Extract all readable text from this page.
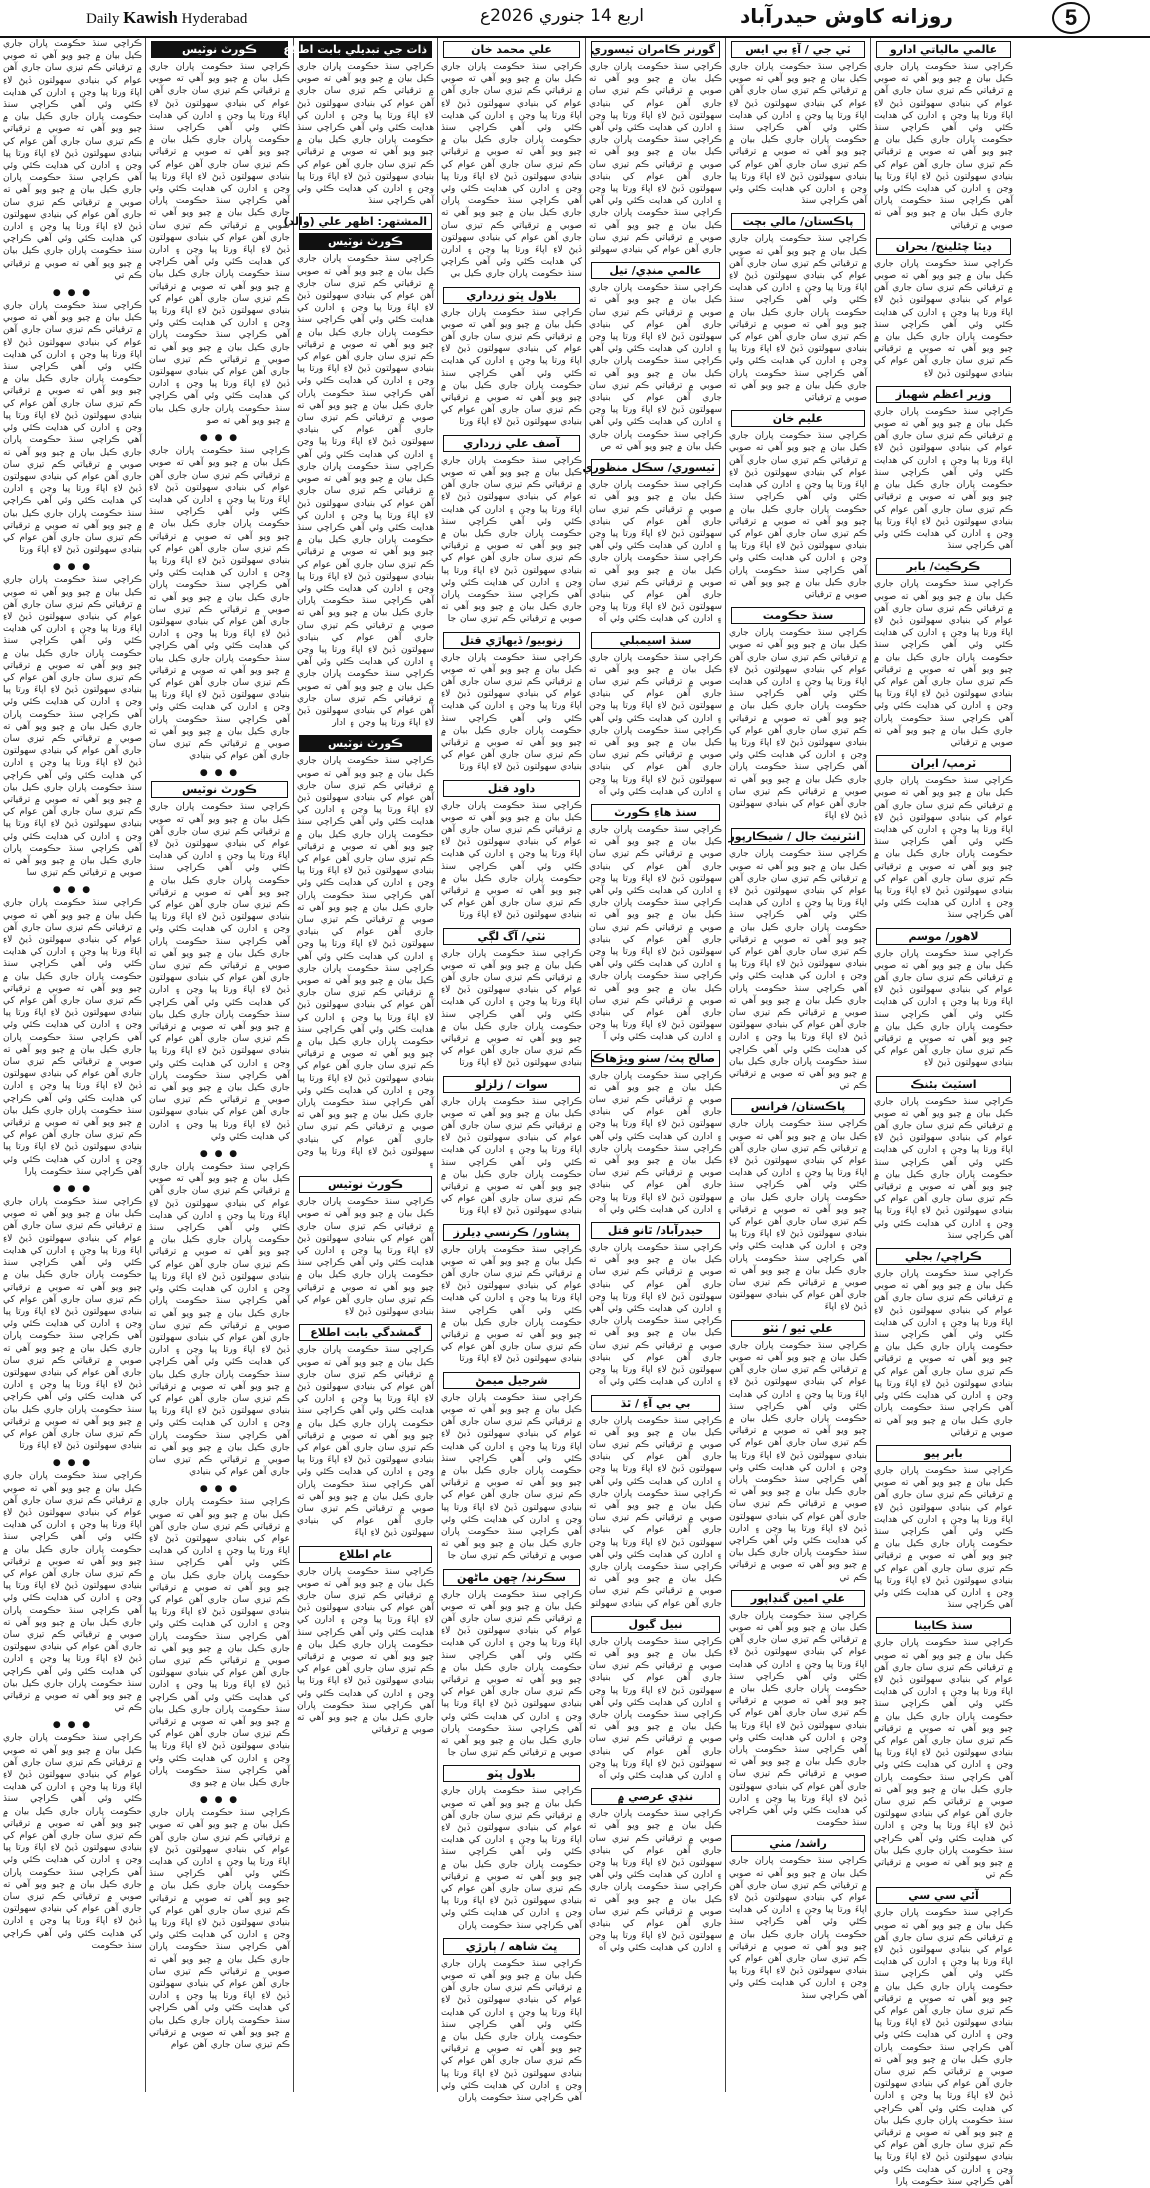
Daily Kawish Hyderabad	اربع 14 جنوري 2026ع	روزانه كاوش حيدرآباد	5
ڪراچي سنڌ حڪومت پاران جاري ڪيل بيان ۾ چيو ويو آهي ته صوبي ۾ ترقياتي ڪم تيزي سان جاري آهن عوام کي بنيادي سهولتون ڏيڻ لاءِ اپاءَ ورتا پيا وڃن ۽ ادارن کي هدايت ڪئي وئي آهي ڪراچي سنڌ حڪومت پاران جاري ڪيل بيان ۾ چيو ويو آهي ته صوبي ۾ ترقياتي ڪم تيزي سان جاري آهن عوام کي بنيادي سهولتون ڏيڻ لاءِ اپاءَ ورتا پيا وڃن ۽ ادارن کي هدايت ڪئي وئي آهي ڪراچي سنڌ حڪومت پاران جاري ڪيل بيان ۾ چيو ويو آهي ته صوبي ۾ ترقياتي ڪم تيزي سان جاري آهن عوام کي بنيادي سهولتون ڏيڻ لاءِ اپاءَ ورتا پيا وڃن ۽ ادارن کي هدايت ڪئي وئي آهي ڪراچي سنڌ حڪومت پاران جاري ڪيل بيان ۾ چيو ويو آهي ته صوبي ۾ ترقياتي ڪم تي
● ● ●
ڪراچي سنڌ حڪومت پاران جاري ڪيل بيان ۾ چيو ويو آهي ته صوبي ۾ ترقياتي ڪم تيزي سان جاري آهن عوام کي بنيادي سهولتون ڏيڻ لاءِ اپاءَ ورتا پيا وڃن ۽ ادارن کي هدايت ڪئي وئي آهي ڪراچي سنڌ حڪومت پاران جاري ڪيل بيان ۾ چيو ويو آهي ته صوبي ۾ ترقياتي ڪم تيزي سان جاري آهن عوام کي بنيادي سهولتون ڏيڻ لاءِ اپاءَ ورتا پيا وڃن ۽ ادارن کي هدايت ڪئي وئي آهي ڪراچي سنڌ حڪومت پاران جاري ڪيل بيان ۾ چيو ويو آهي ته صوبي ۾ ترقياتي ڪم تيزي سان جاري آهن عوام کي بنيادي سهولتون ڏيڻ لاءِ اپاءَ ورتا پيا وڃن ۽ ادارن کي هدايت ڪئي وئي آهي ڪراچي سنڌ حڪومت پاران جاري ڪيل بيان ۾ چيو ويو آهي ته صوبي ۾ ترقياتي ڪم تيزي سان جاري آهن عوام کي بنيادي سهولتون ڏيڻ لاءِ اپاءَ ورتا
● ● ●
ڪراچي سنڌ حڪومت پاران جاري ڪيل بيان ۾ چيو ويو آهي ته صوبي ۾ ترقياتي ڪم تيزي سان جاري آهن عوام کي بنيادي سهولتون ڏيڻ لاءِ اپاءَ ورتا پيا وڃن ۽ ادارن کي هدايت ڪئي وئي آهي ڪراچي سنڌ حڪومت پاران جاري ڪيل بيان ۾ چيو ويو آهي ته صوبي ۾ ترقياتي ڪم تيزي سان جاري آهن عوام کي بنيادي سهولتون ڏيڻ لاءِ اپاءَ ورتا پيا وڃن ۽ ادارن کي هدايت ڪئي وئي آهي ڪراچي سنڌ حڪومت پاران جاري ڪيل بيان ۾ چيو ويو آهي ته صوبي ۾ ترقياتي ڪم تيزي سان جاري آهن عوام کي بنيادي سهولتون ڏيڻ لاءِ اپاءَ ورتا پيا وڃن ۽ ادارن کي هدايت ڪئي وئي آهي ڪراچي سنڌ حڪومت پاران جاري ڪيل بيان ۾ چيو ويو آهي ته صوبي ۾ ترقياتي ڪم تيزي سان جاري آهن عوام کي بنيادي سهولتون ڏيڻ لاءِ اپاءَ ورتا پيا وڃن ۽ ادارن کي هدايت ڪئي وئي آهي ڪراچي سنڌ حڪومت پاران جاري ڪيل بيان ۾ چيو ويو آهي ته صوبي ۾ ترقياتي ڪم تيزي سا
● ● ●
ڪراچي سنڌ حڪومت پاران جاري ڪيل بيان ۾ چيو ويو آهي ته صوبي ۾ ترقياتي ڪم تيزي سان جاري آهن عوام کي بنيادي سهولتون ڏيڻ لاءِ اپاءَ ورتا پيا وڃن ۽ ادارن کي هدايت ڪئي وئي آهي ڪراچي سنڌ حڪومت پاران جاري ڪيل بيان ۾ چيو ويو آهي ته صوبي ۾ ترقياتي ڪم تيزي سان جاري آهن عوام کي بنيادي سهولتون ڏيڻ لاءِ اپاءَ ورتا پيا وڃن ۽ ادارن کي هدايت ڪئي وئي آهي ڪراچي سنڌ حڪومت پاران جاري ڪيل بيان ۾ چيو ويو آهي ته صوبي ۾ ترقياتي ڪم تيزي سان جاري آهن عوام کي بنيادي سهولتون ڏيڻ لاءِ اپاءَ ورتا پيا وڃن ۽ ادارن کي هدايت ڪئي وئي آهي ڪراچي سنڌ حڪومت پاران جاري ڪيل بيان ۾ چيو ويو آهي ته صوبي ۾ ترقياتي ڪم تيزي سان جاري آهن عوام کي بنيادي سهولتون ڏيڻ لاءِ اپاءَ ورتا پيا وڃن ۽ ادارن کي هدايت ڪئي وئي آهي ڪراچي سنڌ حڪومت پارا
● ● ●
ڪراچي سنڌ حڪومت پاران جاري ڪيل بيان ۾ چيو ويو آهي ته صوبي ۾ ترقياتي ڪم تيزي سان جاري آهن عوام کي بنيادي سهولتون ڏيڻ لاءِ اپاءَ ورتا پيا وڃن ۽ ادارن کي هدايت ڪئي وئي آهي ڪراچي سنڌ حڪومت پاران جاري ڪيل بيان ۾ چيو ويو آهي ته صوبي ۾ ترقياتي ڪم تيزي سان جاري آهن عوام کي بنيادي سهولتون ڏيڻ لاءِ اپاءَ ورتا پيا وڃن ۽ ادارن کي هدايت ڪئي وئي آهي ڪراچي سنڌ حڪومت پاران جاري ڪيل بيان ۾ چيو ويو آهي ته صوبي ۾ ترقياتي ڪم تيزي سان جاري آهن عوام کي بنيادي سهولتون ڏيڻ لاءِ اپاءَ ورتا پيا وڃن ۽ ادارن کي هدايت ڪئي وئي آهي ڪراچي سنڌ حڪومت پاران جاري ڪيل بيان ۾ چيو ويو آهي ته صوبي ۾ ترقياتي ڪم تيزي سان جاري آهن عوام کي بنيادي سهولتون ڏيڻ لاءِ اپاءَ ورتا
● ● ●
ڪراچي سنڌ حڪومت پاران جاري ڪيل بيان ۾ چيو ويو آهي ته صوبي ۾ ترقياتي ڪم تيزي سان جاري آهن عوام کي بنيادي سهولتون ڏيڻ لاءِ اپاءَ ورتا پيا وڃن ۽ ادارن کي هدايت ڪئي وئي آهي ڪراچي سنڌ حڪومت پاران جاري ڪيل بيان ۾ چيو ويو آهي ته صوبي ۾ ترقياتي ڪم تيزي سان جاري آهن عوام کي بنيادي سهولتون ڏيڻ لاءِ اپاءَ ورتا پيا وڃن ۽ ادارن کي هدايت ڪئي وئي آهي ڪراچي سنڌ حڪومت پاران جاري ڪيل بيان ۾ چيو ويو آهي ته صوبي ۾ ترقياتي ڪم تيزي سان جاري آهن عوام کي بنيادي سهولتون ڏيڻ لاءِ اپاءَ ورتا پيا وڃن ۽ ادارن کي هدايت ڪئي وئي آهي ڪراچي سنڌ حڪومت پاران جاري ڪيل بيان ۾ چيو ويو آهي ته صوبي ۾ ترقياتي ڪم تي
● ● ●
ڪراچي سنڌ حڪومت پاران جاري ڪيل بيان ۾ چيو ويو آهي ته صوبي ۾ ترقياتي ڪم تيزي سان جاري آهن عوام کي بنيادي سهولتون ڏيڻ لاءِ اپاءَ ورتا پيا وڃن ۽ ادارن کي هدايت ڪئي وئي آهي ڪراچي سنڌ حڪومت پاران جاري ڪيل بيان ۾ چيو ويو آهي ته صوبي ۾ ترقياتي ڪم تيزي سان جاري آهن عوام کي بنيادي سهولتون ڏيڻ لاءِ اپاءَ ورتا پيا وڃن ۽ ادارن کي هدايت ڪئي وئي آهي ڪراچي سنڌ حڪومت پاران جاري ڪيل بيان ۾ چيو ويو آهي ته صوبي ۾ ترقياتي ڪم تيزي سان جاري آهن عوام کي بنيادي سهولتون ڏيڻ لاءِ اپاءَ ورتا پيا وڃن ۽ ادارن کي هدايت ڪئي وئي آهي ڪراچي سنڌ حڪومت
ڪورٽ نوٽيس
ڪراچي سنڌ حڪومت پاران جاري ڪيل بيان ۾ چيو ويو آهي ته صوبي ۾ ترقياتي ڪم تيزي سان جاري آهن عوام کي بنيادي سهولتون ڏيڻ لاءِ اپاءَ ورتا پيا وڃن ۽ ادارن کي هدايت ڪئي وئي آهي ڪراچي سنڌ حڪومت پاران جاري ڪيل بيان ۾ چيو ويو آهي ته صوبي ۾ ترقياتي ڪم تيزي سان جاري آهن عوام کي بنيادي سهولتون ڏيڻ لاءِ اپاءَ ورتا پيا وڃن ۽ ادارن کي هدايت ڪئي وئي آهي ڪراچي سنڌ حڪومت پاران جاري ڪيل بيان ۾ چيو ويو آهي ته صوبي ۾ ترقياتي ڪم تيزي سان جاري آهن عوام کي بنيادي سهولتون ڏيڻ لاءِ اپاءَ ورتا پيا وڃن ۽ ادارن کي هدايت ڪئي وئي آهي ڪراچي سنڌ حڪومت پاران جاري ڪيل بيان ۾ چيو ويو آهي ته صوبي ۾ ترقياتي ڪم تيزي سان جاري آهن عوام کي بنيادي سهولتون ڏيڻ لاءِ اپاءَ ورتا پيا وڃن ۽ ادارن کي هدايت ڪئي وئي آهي ڪراچي سنڌ حڪومت پاران جاري ڪيل بيان ۾ چيو ويو آهي ته صوبي ۾ ترقياتي ڪم تيزي سان جاري آهن عوام کي بنيادي سهولتون ڏيڻ لاءِ اپاءَ ورتا پيا وڃن ۽ ادارن کي هدايت ڪئي وئي آهي ڪراچي سنڌ حڪومت پاران جاري ڪيل بيان ۾ چيو ويو آهي ته صو
● ● ●
ڪراچي سنڌ حڪومت پاران جاري ڪيل بيان ۾ چيو ويو آهي ته صوبي ۾ ترقياتي ڪم تيزي سان جاري آهن عوام کي بنيادي سهولتون ڏيڻ لاءِ اپاءَ ورتا پيا وڃن ۽ ادارن کي هدايت ڪئي وئي آهي ڪراچي سنڌ حڪومت پاران جاري ڪيل بيان ۾ چيو ويو آهي ته صوبي ۾ ترقياتي ڪم تيزي سان جاري آهن عوام کي بنيادي سهولتون ڏيڻ لاءِ اپاءَ ورتا پيا وڃن ۽ ادارن کي هدايت ڪئي وئي آهي ڪراچي سنڌ حڪومت پاران جاري ڪيل بيان ۾ چيو ويو آهي ته صوبي ۾ ترقياتي ڪم تيزي سان جاري آهن عوام کي بنيادي سهولتون ڏيڻ لاءِ اپاءَ ورتا پيا وڃن ۽ ادارن کي هدايت ڪئي وئي آهي ڪراچي سنڌ حڪومت پاران جاري ڪيل بيان ۾ چيو ويو آهي ته صوبي ۾ ترقياتي ڪم تيزي سان جاري آهن عوام کي بنيادي سهولتون ڏيڻ لاءِ اپاءَ ورتا پيا وڃن ۽ ادارن کي هدايت ڪئي وئي آهي ڪراچي سنڌ حڪومت پاران جاري ڪيل بيان ۾ چيو ويو آهي ته صوبي ۾ ترقياتي ڪم تيزي سان جاري آهن عوام کي بنيادي
● ● ●
ڪورٽ نوٽيس
ڪراچي سنڌ حڪومت پاران جاري ڪيل بيان ۾ چيو ويو آهي ته صوبي ۾ ترقياتي ڪم تيزي سان جاري آهن عوام کي بنيادي سهولتون ڏيڻ لاءِ اپاءَ ورتا پيا وڃن ۽ ادارن کي هدايت ڪئي وئي آهي ڪراچي سنڌ حڪومت پاران جاري ڪيل بيان ۾ چيو ويو آهي ته صوبي ۾ ترقياتي ڪم تيزي سان جاري آهن عوام کي بنيادي سهولتون ڏيڻ لاءِ اپاءَ ورتا پيا وڃن ۽ ادارن کي هدايت ڪئي وئي آهي ڪراچي سنڌ حڪومت پاران جاري ڪيل بيان ۾ چيو ويو آهي ته صوبي ۾ ترقياتي ڪم تيزي سان جاري آهن عوام کي بنيادي سهولتون ڏيڻ لاءِ اپاءَ ورتا پيا وڃن ۽ ادارن کي هدايت ڪئي وئي آهي ڪراچي سنڌ حڪومت پاران جاري ڪيل بيان ۾ چيو ويو آهي ته صوبي ۾ ترقياتي ڪم تيزي سان جاري آهن عوام کي بنيادي سهولتون ڏيڻ لاءِ اپاءَ ورتا پيا وڃن ۽ ادارن کي هدايت ڪئي وئي آهي ڪراچي سنڌ حڪومت پاران جاري ڪيل بيان ۾ چيو ويو آهي ته صوبي ۾ ترقياتي ڪم تيزي سان جاري آهن عوام کي بنيادي سهولتون ڏيڻ لاءِ اپاءَ ورتا پيا وڃن ۽ ادارن کي هدايت ڪئي وئي
● ● ●
ڪراچي سنڌ حڪومت پاران جاري ڪيل بيان ۾ چيو ويو آهي ته صوبي ۾ ترقياتي ڪم تيزي سان جاري آهن عوام کي بنيادي سهولتون ڏيڻ لاءِ اپاءَ ورتا پيا وڃن ۽ ادارن کي هدايت ڪئي وئي آهي ڪراچي سنڌ حڪومت پاران جاري ڪيل بيان ۾ چيو ويو آهي ته صوبي ۾ ترقياتي ڪم تيزي سان جاري آهن عوام کي بنيادي سهولتون ڏيڻ لاءِ اپاءَ ورتا پيا وڃن ۽ ادارن کي هدايت ڪئي وئي آهي ڪراچي سنڌ حڪومت پاران جاري ڪيل بيان ۾ چيو ويو آهي ته صوبي ۾ ترقياتي ڪم تيزي سان جاري آهن عوام کي بنيادي سهولتون ڏيڻ لاءِ اپاءَ ورتا پيا وڃن ۽ ادارن کي هدايت ڪئي وئي آهي ڪراچي سنڌ حڪومت پاران جاري ڪيل بيان ۾ چيو ويو آهي ته صوبي ۾ ترقياتي ڪم تيزي سان جاري آهن عوام کي بنيادي سهولتون ڏيڻ لاءِ اپاءَ ورتا پيا وڃن ۽ ادارن کي هدايت ڪئي وئي آهي ڪراچي سنڌ حڪومت پاران جاري ڪيل بيان ۾ چيو ويو آهي ته صوبي ۾ ترقياتي ڪم تيزي سان جاري آهن عوام کي بنيادي
● ● ●
ڪراچي سنڌ حڪومت پاران جاري ڪيل بيان ۾ چيو ويو آهي ته صوبي ۾ ترقياتي ڪم تيزي سان جاري آهن عوام کي بنيادي سهولتون ڏيڻ لاءِ اپاءَ ورتا پيا وڃن ۽ ادارن کي هدايت ڪئي وئي آهي ڪراچي سنڌ حڪومت پاران جاري ڪيل بيان ۾ چيو ويو آهي ته صوبي ۾ ترقياتي ڪم تيزي سان جاري آهن عوام کي بنيادي سهولتون ڏيڻ لاءِ اپاءَ ورتا پيا وڃن ۽ ادارن کي هدايت ڪئي وئي آهي ڪراچي سنڌ حڪومت پاران جاري ڪيل بيان ۾ چيو ويو آهي ته صوبي ۾ ترقياتي ڪم تيزي سان جاري آهن عوام کي بنيادي سهولتون ڏيڻ لاءِ اپاءَ ورتا پيا وڃن ۽ ادارن کي هدايت ڪئي وئي آهي ڪراچي سنڌ حڪومت پاران جاري ڪيل بيان ۾ چيو ويو آهي ته صوبي ۾ ترقياتي ڪم تيزي سان جاري آهن عوام کي بنيادي سهولتون ڏيڻ لاءِ اپاءَ ورتا پيا وڃن ۽ ادارن کي هدايت ڪئي وئي آهي ڪراچي سنڌ حڪومت پاران جاري ڪيل بيان ۾ چيو وي
● ● ●
ڪراچي سنڌ حڪومت پاران جاري ڪيل بيان ۾ چيو ويو آهي ته صوبي ۾ ترقياتي ڪم تيزي سان جاري آهن عوام کي بنيادي سهولتون ڏيڻ لاءِ اپاءَ ورتا پيا وڃن ۽ ادارن کي هدايت ڪئي وئي آهي ڪراچي سنڌ حڪومت پاران جاري ڪيل بيان ۾ چيو ويو آهي ته صوبي ۾ ترقياتي ڪم تيزي سان جاري آهن عوام کي بنيادي سهولتون ڏيڻ لاءِ اپاءَ ورتا پيا وڃن ۽ ادارن کي هدايت ڪئي وئي آهي ڪراچي سنڌ حڪومت پاران جاري ڪيل بيان ۾ چيو ويو آهي ته صوبي ۾ ترقياتي ڪم تيزي سان جاري آهن عوام کي بنيادي سهولتون ڏيڻ لاءِ اپاءَ ورتا پيا وڃن ۽ ادارن کي هدايت ڪئي وئي آهي ڪراچي سنڌ حڪومت پاران جاري ڪيل بيان ۾ چيو ويو آهي ته صوبي ۾ ترقياتي ڪم تيزي سان جاري آهن عوام
ذات جي تبديلي بابت اطلاع
ڪراچي سنڌ حڪومت پاران جاري ڪيل بيان ۾ چيو ويو آهي ته صوبي ۾ ترقياتي ڪم تيزي سان جاري آهن عوام کي بنيادي سهولتون ڏيڻ لاءِ اپاءَ ورتا پيا وڃن ۽ ادارن کي هدايت ڪئي وئي آهي ڪراچي سنڌ حڪومت پاران جاري ڪيل بيان ۾ چيو ويو آهي ته صوبي ۾ ترقياتي ڪم تيزي سان جاري آهن عوام کي بنيادي سهولتون ڏيڻ لاءِ اپاءَ ورتا پيا وڃن ۽ ادارن کي هدايت ڪئي وئي آهي ڪراچي سنڌ
المشتهر: اظهر علي (والد)
ڪورٽ نوٽيس
ڪراچي سنڌ حڪومت پاران جاري ڪيل بيان ۾ چيو ويو آهي ته صوبي ۾ ترقياتي ڪم تيزي سان جاري آهن عوام کي بنيادي سهولتون ڏيڻ لاءِ اپاءَ ورتا پيا وڃن ۽ ادارن کي هدايت ڪئي وئي آهي ڪراچي سنڌ حڪومت پاران جاري ڪيل بيان ۾ چيو ويو آهي ته صوبي ۾ ترقياتي ڪم تيزي سان جاري آهن عوام کي بنيادي سهولتون ڏيڻ لاءِ اپاءَ ورتا پيا وڃن ۽ ادارن کي هدايت ڪئي وئي آهي ڪراچي سنڌ حڪومت پاران جاري ڪيل بيان ۾ چيو ويو آهي ته صوبي ۾ ترقياتي ڪم تيزي سان جاري آهن عوام کي بنيادي سهولتون ڏيڻ لاءِ اپاءَ ورتا پيا وڃن ۽ ادارن کي هدايت ڪئي وئي آهي ڪراچي سنڌ حڪومت پاران جاري ڪيل بيان ۾ چيو ويو آهي ته صوبي ۾ ترقياتي ڪم تيزي سان جاري آهن عوام کي بنيادي سهولتون ڏيڻ لاءِ اپاءَ ورتا پيا وڃن ۽ ادارن کي هدايت ڪئي وئي آهي ڪراچي سنڌ حڪومت پاران جاري ڪيل بيان ۾ چيو ويو آهي ته صوبي ۾ ترقياتي ڪم تيزي سان جاري آهن عوام کي بنيادي سهولتون ڏيڻ لاءِ اپاءَ ورتا پيا وڃن ۽ ادارن کي هدايت ڪئي وئي آهي ڪراچي سنڌ حڪومت پاران جاري ڪيل بيان ۾ چيو ويو آهي ته صوبي ۾ ترقياتي ڪم تيزي سان جاري آهن عوام کي بنيادي سهولتون ڏيڻ لاءِ اپاءَ ورتا پيا وڃن ۽ ادارن کي هدايت ڪئي وئي آهي ڪراچي سنڌ حڪومت پاران جاري ڪيل بيان ۾ چيو ويو آهي ته صوبي ۾ ترقياتي ڪم تيزي سان جاري آهن عوام کي بنيادي سهولتون ڏيڻ لاءِ اپاءَ ورتا پيا وڃن ۽ ادار
ڪورٽ نوٽيس
ڪراچي سنڌ حڪومت پاران جاري ڪيل بيان ۾ چيو ويو آهي ته صوبي ۾ ترقياتي ڪم تيزي سان جاري آهن عوام کي بنيادي سهولتون ڏيڻ لاءِ اپاءَ ورتا پيا وڃن ۽ ادارن کي هدايت ڪئي وئي آهي ڪراچي سنڌ حڪومت پاران جاري ڪيل بيان ۾ چيو ويو آهي ته صوبي ۾ ترقياتي ڪم تيزي سان جاري آهن عوام کي بنيادي سهولتون ڏيڻ لاءِ اپاءَ ورتا پيا وڃن ۽ ادارن کي هدايت ڪئي وئي آهي ڪراچي سنڌ حڪومت پاران جاري ڪيل بيان ۾ چيو ويو آهي ته صوبي ۾ ترقياتي ڪم تيزي سان جاري آهن عوام کي بنيادي سهولتون ڏيڻ لاءِ اپاءَ ورتا پيا وڃن ۽ ادارن کي هدايت ڪئي وئي آهي ڪراچي سنڌ حڪومت پاران جاري ڪيل بيان ۾ چيو ويو آهي ته صوبي ۾ ترقياتي ڪم تيزي سان جاري آهن عوام کي بنيادي سهولتون ڏيڻ لاءِ اپاءَ ورتا پيا وڃن ۽ ادارن کي هدايت ڪئي وئي آهي ڪراچي سنڌ حڪومت پاران جاري ڪيل بيان ۾ چيو ويو آهي ته صوبي ۾ ترقياتي ڪم تيزي سان جاري آهن عوام کي بنيادي سهولتون ڏيڻ لاءِ اپاءَ ورتا پيا وڃن ۽ ادارن کي هدايت ڪئي وئي آهي ڪراچي سنڌ حڪومت پاران جاري ڪيل بيان ۾ چيو ويو آهي ته صوبي ۾ ترقياتي ڪم تيزي سان جاري آهن عوام کي بنيادي سهولتون ڏيڻ لاءِ اپاءَ ورتا پيا وڃن ۽
ڪورٽ نوٽيس
ڪراچي سنڌ حڪومت پاران جاري ڪيل بيان ۾ چيو ويو آهي ته صوبي ۾ ترقياتي ڪم تيزي سان جاري آهن عوام کي بنيادي سهولتون ڏيڻ لاءِ اپاءَ ورتا پيا وڃن ۽ ادارن کي هدايت ڪئي وئي آهي ڪراچي سنڌ حڪومت پاران جاري ڪيل بيان ۾ چيو ويو آهي ته صوبي ۾ ترقياتي ڪم تيزي سان جاري آهن عوام کي بنيادي سهولتون ڏيڻ لاءِ
گمشدگي بابت اطلاع
ڪراچي سنڌ حڪومت پاران جاري ڪيل بيان ۾ چيو ويو آهي ته صوبي ۾ ترقياتي ڪم تيزي سان جاري آهن عوام کي بنيادي سهولتون ڏيڻ لاءِ اپاءَ ورتا پيا وڃن ۽ ادارن کي هدايت ڪئي وئي آهي ڪراچي سنڌ حڪومت پاران جاري ڪيل بيان ۾ چيو ويو آهي ته صوبي ۾ ترقياتي ڪم تيزي سان جاري آهن عوام کي بنيادي سهولتون ڏيڻ لاءِ اپاءَ ورتا پيا وڃن ۽ ادارن کي هدايت ڪئي وئي آهي ڪراچي سنڌ حڪومت پاران جاري ڪيل بيان ۾ چيو ويو آهي ته صوبي ۾ ترقياتي ڪم تيزي سان جاري آهن عوام کي بنيادي سهولتون ڏيڻ لاءِ اپاءَ
عام اطلاع
ڪراچي سنڌ حڪومت پاران جاري ڪيل بيان ۾ چيو ويو آهي ته صوبي ۾ ترقياتي ڪم تيزي سان جاري آهن عوام کي بنيادي سهولتون ڏيڻ لاءِ اپاءَ ورتا پيا وڃن ۽ ادارن کي هدايت ڪئي وئي آهي ڪراچي سنڌ حڪومت پاران جاري ڪيل بيان ۾ چيو ويو آهي ته صوبي ۾ ترقياتي ڪم تيزي سان جاري آهن عوام کي بنيادي سهولتون ڏيڻ لاءِ اپاءَ ورتا پيا وڃن ۽ ادارن کي هدايت ڪئي وئي آهي ڪراچي سنڌ حڪومت پاران جاري ڪيل بيان ۾ چيو ويو آهي ته صوبي ۾ ترقياتي
علي محمد خان
ڪراچي سنڌ حڪومت پاران جاري ڪيل بيان ۾ چيو ويو آهي ته صوبي ۾ ترقياتي ڪم تيزي سان جاري آهن عوام کي بنيادي سهولتون ڏيڻ لاءِ اپاءَ ورتا پيا وڃن ۽ ادارن کي هدايت ڪئي وئي آهي ڪراچي سنڌ حڪومت پاران جاري ڪيل بيان ۾ چيو ويو آهي ته صوبي ۾ ترقياتي ڪم تيزي سان جاري آهن عوام کي بنيادي سهولتون ڏيڻ لاءِ اپاءَ ورتا پيا وڃن ۽ ادارن کي هدايت ڪئي وئي آهي ڪراچي سنڌ حڪومت پاران جاري ڪيل بيان ۾ چيو ويو آهي ته صوبي ۾ ترقياتي ڪم تيزي سان جاري آهن عوام کي بنيادي سهولتون ڏيڻ لاءِ اپاءَ ورتا پيا وڃن ۽ ادارن کي هدايت ڪئي وئي آهي ڪراچي سنڌ حڪومت پاران جاري ڪيل بي
بلاول ڀٽو زرداري
ڪراچي سنڌ حڪومت پاران جاري ڪيل بيان ۾ چيو ويو آهي ته صوبي ۾ ترقياتي ڪم تيزي سان جاري آهن عوام کي بنيادي سهولتون ڏيڻ لاءِ اپاءَ ورتا پيا وڃن ۽ ادارن کي هدايت ڪئي وئي آهي ڪراچي سنڌ حڪومت پاران جاري ڪيل بيان ۾ چيو ويو آهي ته صوبي ۾ ترقياتي ڪم تيزي سان جاري آهن عوام کي بنيادي سهولتون ڏيڻ لاءِ اپاءَ ورتا
آصف علي زرداري
ڪراچي سنڌ حڪومت پاران جاري ڪيل بيان ۾ چيو ويو آهي ته صوبي ۾ ترقياتي ڪم تيزي سان جاري آهن عوام کي بنيادي سهولتون ڏيڻ لاءِ اپاءَ ورتا پيا وڃن ۽ ادارن کي هدايت ڪئي وئي آهي ڪراچي سنڌ حڪومت پاران جاري ڪيل بيان ۾ چيو ويو آهي ته صوبي ۾ ترقياتي ڪم تيزي سان جاري آهن عوام کي بنيادي سهولتون ڏيڻ لاءِ اپاءَ ورتا پيا وڃن ۽ ادارن کي هدايت ڪئي وئي آهي ڪراچي سنڌ حڪومت پاران جاري ڪيل بيان ۾ چيو ويو آهي ته صوبي ۾ ترقياتي ڪم تيزي سان جا
زنوبيو/ ڏيهاڙي قتل
ڪراچي سنڌ حڪومت پاران جاري ڪيل بيان ۾ چيو ويو آهي ته صوبي ۾ ترقياتي ڪم تيزي سان جاري آهن عوام کي بنيادي سهولتون ڏيڻ لاءِ اپاءَ ورتا پيا وڃن ۽ ادارن کي هدايت ڪئي وئي آهي ڪراچي سنڌ حڪومت پاران جاري ڪيل بيان ۾ چيو ويو آهي ته صوبي ۾ ترقياتي ڪم تيزي سان جاري آهن عوام کي بنيادي سهولتون ڏيڻ لاءِ اپاءَ ورتا
داود قتل
ڪراچي سنڌ حڪومت پاران جاري ڪيل بيان ۾ چيو ويو آهي ته صوبي ۾ ترقياتي ڪم تيزي سان جاري آهن عوام کي بنيادي سهولتون ڏيڻ لاءِ اپاءَ ورتا پيا وڃن ۽ ادارن کي هدايت ڪئي وئي آهي ڪراچي سنڌ حڪومت پاران جاري ڪيل بيان ۾ چيو ويو آهي ته صوبي ۾ ترقياتي ڪم تيزي سان جاري آهن عوام کي بنيادي سهولتون ڏيڻ لاءِ اپاءَ ورتا
ٺٽي/ آگ لڳي
ڪراچي سنڌ حڪومت پاران جاري ڪيل بيان ۾ چيو ويو آهي ته صوبي ۾ ترقياتي ڪم تيزي سان جاري آهن عوام کي بنيادي سهولتون ڏيڻ لاءِ اپاءَ ورتا پيا وڃن ۽ ادارن کي هدايت ڪئي وئي آهي ڪراچي سنڌ حڪومت پاران جاري ڪيل بيان ۾ چيو ويو آهي ته صوبي ۾ ترقياتي ڪم تيزي سان جاري آهن عوام کي بنيادي سهولتون ڏيڻ لاءِ اپاءَ ورتا
سوات / زلزلو
ڪراچي سنڌ حڪومت پاران جاري ڪيل بيان ۾ چيو ويو آهي ته صوبي ۾ ترقياتي ڪم تيزي سان جاري آهن عوام کي بنيادي سهولتون ڏيڻ لاءِ اپاءَ ورتا پيا وڃن ۽ ادارن کي هدايت ڪئي وئي آهي ڪراچي سنڌ حڪومت پاران جاري ڪيل بيان ۾ چيو ويو آهي ته صوبي ۾ ترقياتي ڪم تيزي سان جاري آهن عوام کي بنيادي سهولتون ڏيڻ لاءِ اپاءَ ورتا
پشاور/ ڪرنسي ڊيلرز
ڪراچي سنڌ حڪومت پاران جاري ڪيل بيان ۾ چيو ويو آهي ته صوبي ۾ ترقياتي ڪم تيزي سان جاري آهن عوام کي بنيادي سهولتون ڏيڻ لاءِ اپاءَ ورتا پيا وڃن ۽ ادارن کي هدايت ڪئي وئي آهي ڪراچي سنڌ حڪومت پاران جاري ڪيل بيان ۾ چيو ويو آهي ته صوبي ۾ ترقياتي ڪم تيزي سان جاري آهن عوام کي بنيادي سهولتون ڏيڻ لاءِ اپاءَ ورتا
شرجيل ميمڻ
ڪراچي سنڌ حڪومت پاران جاري ڪيل بيان ۾ چيو ويو آهي ته صوبي ۾ ترقياتي ڪم تيزي سان جاري آهن عوام کي بنيادي سهولتون ڏيڻ لاءِ اپاءَ ورتا پيا وڃن ۽ ادارن کي هدايت ڪئي وئي آهي ڪراچي سنڌ حڪومت پاران جاري ڪيل بيان ۾ چيو ويو آهي ته صوبي ۾ ترقياتي ڪم تيزي سان جاري آهن عوام کي بنيادي سهولتون ڏيڻ لاءِ اپاءَ ورتا پيا وڃن ۽ ادارن کي هدايت ڪئي وئي آهي ڪراچي سنڌ حڪومت پاران جاري ڪيل بيان ۾ چيو ويو آهي ته صوبي ۾ ترقياتي ڪم تيزي سان جا
سڪرنڊ/ ڇهن ماڻهن
ڪراچي سنڌ حڪومت پاران جاري ڪيل بيان ۾ چيو ويو آهي ته صوبي ۾ ترقياتي ڪم تيزي سان جاري آهن عوام کي بنيادي سهولتون ڏيڻ لاءِ اپاءَ ورتا پيا وڃن ۽ ادارن کي هدايت ڪئي وئي آهي ڪراچي سنڌ حڪومت پاران جاري ڪيل بيان ۾ چيو ويو آهي ته صوبي ۾ ترقياتي ڪم تيزي سان جاري آهن عوام کي بنيادي سهولتون ڏيڻ لاءِ اپاءَ ورتا پيا وڃن ۽ ادارن کي هدايت ڪئي وئي آهي ڪراچي سنڌ حڪومت پاران جاري ڪيل بيان ۾ چيو ويو آهي ته صوبي ۾ ترقياتي ڪم تيزي سان جا
بلاول ڀٽو
ڪراچي سنڌ حڪومت پاران جاري ڪيل بيان ۾ چيو ويو آهي ته صوبي ۾ ترقياتي ڪم تيزي سان جاري آهن عوام کي بنيادي سهولتون ڏيڻ لاءِ اپاءَ ورتا پيا وڃن ۽ ادارن کي هدايت ڪئي وئي آهي ڪراچي سنڌ حڪومت پاران جاري ڪيل بيان ۾ چيو ويو آهي ته صوبي ۾ ترقياتي ڪم تيزي سان جاري آهن عوام کي بنيادي سهولتون ڏيڻ لاءِ اپاءَ ورتا پيا وڃن ۽ ادارن کي هدايت ڪئي وئي آهي ڪراچي سنڌ حڪومت پاران
ڀٽ شاهه / ٻارڙي
ڪراچي سنڌ حڪومت پاران جاري ڪيل بيان ۾ چيو ويو آهي ته صوبي ۾ ترقياتي ڪم تيزي سان جاري آهن عوام کي بنيادي سهولتون ڏيڻ لاءِ اپاءَ ورتا پيا وڃن ۽ ادارن کي هدايت ڪئي وئي آهي ڪراچي سنڌ حڪومت پاران جاري ڪيل بيان ۾ چيو ويو آهي ته صوبي ۾ ترقياتي ڪم تيزي سان جاري آهن عوام کي بنيادي سهولتون ڏيڻ لاءِ اپاءَ ورتا پيا وڃن ۽ ادارن کي هدايت ڪئي وئي آهي ڪراچي سنڌ حڪومت پاران
گورنر ڪامران ٽيسوري
ڪراچي سنڌ حڪومت پاران جاري ڪيل بيان ۾ چيو ويو آهي ته صوبي ۾ ترقياتي ڪم تيزي سان جاري آهن عوام کي بنيادي سهولتون ڏيڻ لاءِ اپاءَ ورتا پيا وڃن ۽ ادارن کي هدايت ڪئي وئي آهي ڪراچي سنڌ حڪومت پاران جاري ڪيل بيان ۾ چيو ويو آهي ته صوبي ۾ ترقياتي ڪم تيزي سان جاري آهن عوام کي بنيادي سهولتون ڏيڻ لاءِ اپاءَ ورتا پيا وڃن ۽ ادارن کي هدايت ڪئي وئي آهي ڪراچي سنڌ حڪومت پاران جاري ڪيل بيان ۾ چيو ويو آهي ته صوبي ۾ ترقياتي ڪم تيزي سان جاري آهن عوام کي بنيادي سهولتو
عالمي منڊي/ تيل
ڪراچي سنڌ حڪومت پاران جاري ڪيل بيان ۾ چيو ويو آهي ته صوبي ۾ ترقياتي ڪم تيزي سان جاري آهن عوام کي بنيادي سهولتون ڏيڻ لاءِ اپاءَ ورتا پيا وڃن ۽ ادارن کي هدايت ڪئي وئي آهي ڪراچي سنڌ حڪومت پاران جاري ڪيل بيان ۾ چيو ويو آهي ته صوبي ۾ ترقياتي ڪم تيزي سان جاري آهن عوام کي بنيادي سهولتون ڏيڻ لاءِ اپاءَ ورتا پيا وڃن ۽ ادارن کي هدايت ڪئي وئي آهي ڪراچي سنڌ حڪومت پاران جاري ڪيل بيان ۾ چيو ويو آهي ته ص
ٽيسوري/ سڪل منظوري
ڪراچي سنڌ حڪومت پاران جاري ڪيل بيان ۾ چيو ويو آهي ته صوبي ۾ ترقياتي ڪم تيزي سان جاري آهن عوام کي بنيادي سهولتون ڏيڻ لاءِ اپاءَ ورتا پيا وڃن ۽ ادارن کي هدايت ڪئي وئي آهي ڪراچي سنڌ حڪومت پاران جاري ڪيل بيان ۾ چيو ويو آهي ته صوبي ۾ ترقياتي ڪم تيزي سان جاري آهن عوام کي بنيادي سهولتون ڏيڻ لاءِ اپاءَ ورتا پيا وڃن ۽ ادارن کي هدايت ڪئي وئي آه
سنڌ اسيمبلي
ڪراچي سنڌ حڪومت پاران جاري ڪيل بيان ۾ چيو ويو آهي ته صوبي ۾ ترقياتي ڪم تيزي سان جاري آهن عوام کي بنيادي سهولتون ڏيڻ لاءِ اپاءَ ورتا پيا وڃن ۽ ادارن کي هدايت ڪئي وئي آهي ڪراچي سنڌ حڪومت پاران جاري ڪيل بيان ۾ چيو ويو آهي ته صوبي ۾ ترقياتي ڪم تيزي سان جاري آهن عوام کي بنيادي سهولتون ڏيڻ لاءِ اپاءَ ورتا پيا وڃن ۽ ادارن کي هدايت ڪئي وئي آه
سنڌ هاءِ ڪورٽ
ڪراچي سنڌ حڪومت پاران جاري ڪيل بيان ۾ چيو ويو آهي ته صوبي ۾ ترقياتي ڪم تيزي سان جاري آهن عوام کي بنيادي سهولتون ڏيڻ لاءِ اپاءَ ورتا پيا وڃن ۽ ادارن کي هدايت ڪئي وئي آهي ڪراچي سنڌ حڪومت پاران جاري ڪيل بيان ۾ چيو ويو آهي ته صوبي ۾ ترقياتي ڪم تيزي سان جاري آهن عوام کي بنيادي سهولتون ڏيڻ لاءِ اپاءَ ورتا پيا وڃن ۽ ادارن کي هدايت ڪئي وئي آهي ڪراچي سنڌ حڪومت پاران جاري ڪيل بيان ۾ چيو ويو آهي ته صوبي ۾ ترقياتي ڪم تيزي سان جاري آهن عوام کي بنيادي سهولتون ڏيڻ لاءِ اپاءَ ورتا پيا وڃن ۽ ادارن کي هدايت ڪئي وئي آ
صالح پٽ/ سٺو ويڙهاڪ
ڪراچي سنڌ حڪومت پاران جاري ڪيل بيان ۾ چيو ويو آهي ته صوبي ۾ ترقياتي ڪم تيزي سان جاري آهن عوام کي بنيادي سهولتون ڏيڻ لاءِ اپاءَ ورتا پيا وڃن ۽ ادارن کي هدايت ڪئي وئي آهي ڪراچي سنڌ حڪومت پاران جاري ڪيل بيان ۾ چيو ويو آهي ته صوبي ۾ ترقياتي ڪم تيزي سان جاري آهن عوام کي بنيادي سهولتون ڏيڻ لاءِ اپاءَ ورتا پيا وڃن ۽ ادارن کي هدايت ڪئي وئي آه
حيدرآباد/ ٿانو قتل
ڪراچي سنڌ حڪومت پاران جاري ڪيل بيان ۾ چيو ويو آهي ته صوبي ۾ ترقياتي ڪم تيزي سان جاري آهن عوام کي بنيادي سهولتون ڏيڻ لاءِ اپاءَ ورتا پيا وڃن ۽ ادارن کي هدايت ڪئي وئي آهي ڪراچي سنڌ حڪومت پاران جاري ڪيل بيان ۾ چيو ويو آهي ته صوبي ۾ ترقياتي ڪم تيزي سان جاري آهن عوام کي بنيادي سهولتون ڏيڻ لاءِ اپاءَ ورتا پيا وڃن ۽ ادارن کي هدايت ڪئي وئي آه
بي بي آءِ / ٿڌ
ڪراچي سنڌ حڪومت پاران جاري ڪيل بيان ۾ چيو ويو آهي ته صوبي ۾ ترقياتي ڪم تيزي سان جاري آهن عوام کي بنيادي سهولتون ڏيڻ لاءِ اپاءَ ورتا پيا وڃن ۽ ادارن کي هدايت ڪئي وئي آهي ڪراچي سنڌ حڪومت پاران جاري ڪيل بيان ۾ چيو ويو آهي ته صوبي ۾ ترقياتي ڪم تيزي سان جاري آهن عوام کي بنيادي سهولتون ڏيڻ لاءِ اپاءَ ورتا پيا وڃن ۽ ادارن کي هدايت ڪئي وئي آهي ڪراچي سنڌ حڪومت پاران جاري ڪيل بيان ۾ چيو ويو آهي ته صوبي ۾ ترقياتي ڪم تيزي سان جاري آهن عوام کي بنيادي سهولتو
نبيل گبول
ڪراچي سنڌ حڪومت پاران جاري ڪيل بيان ۾ چيو ويو آهي ته صوبي ۾ ترقياتي ڪم تيزي سان جاري آهن عوام کي بنيادي سهولتون ڏيڻ لاءِ اپاءَ ورتا پيا وڃن ۽ ادارن کي هدايت ڪئي وئي آهي ڪراچي سنڌ حڪومت پاران جاري ڪيل بيان ۾ چيو ويو آهي ته صوبي ۾ ترقياتي ڪم تيزي سان جاري آهن عوام کي بنيادي سهولتون ڏيڻ لاءِ اپاءَ ورتا پيا وڃن ۽ ادارن کي هدايت ڪئي وئي آه
ننڍي عرصي ۾
ڪراچي سنڌ حڪومت پاران جاري ڪيل بيان ۾ چيو ويو آهي ته صوبي ۾ ترقياتي ڪم تيزي سان جاري آهن عوام کي بنيادي سهولتون ڏيڻ لاءِ اپاءَ ورتا پيا وڃن ۽ ادارن کي هدايت ڪئي وئي آهي ڪراچي سنڌ حڪومت پاران جاري ڪيل بيان ۾ چيو ويو آهي ته صوبي ۾ ترقياتي ڪم تيزي سان جاري آهن عوام کي بنيادي سهولتون ڏيڻ لاءِ اپاءَ ورتا پيا وڃن ۽ ادارن کي هدايت ڪئي وئي آه
ٽي جي / آءِ بي ايس
ڪراچي سنڌ حڪومت پاران جاري ڪيل بيان ۾ چيو ويو آهي ته صوبي ۾ ترقياتي ڪم تيزي سان جاري آهن عوام کي بنيادي سهولتون ڏيڻ لاءِ اپاءَ ورتا پيا وڃن ۽ ادارن کي هدايت ڪئي وئي آهي ڪراچي سنڌ حڪومت پاران جاري ڪيل بيان ۾ چيو ويو آهي ته صوبي ۾ ترقياتي ڪم تيزي سان جاري آهن عوام کي بنيادي سهولتون ڏيڻ لاءِ اپاءَ ورتا پيا وڃن ۽ ادارن کي هدايت ڪئي وئي آهي ڪراچي سنڌ
پاڪستان/ مالي بچت
ڪراچي سنڌ حڪومت پاران جاري ڪيل بيان ۾ چيو ويو آهي ته صوبي ۾ ترقياتي ڪم تيزي سان جاري آهن عوام کي بنيادي سهولتون ڏيڻ لاءِ اپاءَ ورتا پيا وڃن ۽ ادارن کي هدايت ڪئي وئي آهي ڪراچي سنڌ حڪومت پاران جاري ڪيل بيان ۾ چيو ويو آهي ته صوبي ۾ ترقياتي ڪم تيزي سان جاري آهن عوام کي بنيادي سهولتون ڏيڻ لاءِ اپاءَ ورتا پيا وڃن ۽ ادارن کي هدايت ڪئي وئي آهي ڪراچي سنڌ حڪومت پاران جاري ڪيل بيان ۾ چيو ويو آهي ته صوبي ۾ ترقياتي
عليم خان
ڪراچي سنڌ حڪومت پاران جاري ڪيل بيان ۾ چيو ويو آهي ته صوبي ۾ ترقياتي ڪم تيزي سان جاري آهن عوام کي بنيادي سهولتون ڏيڻ لاءِ اپاءَ ورتا پيا وڃن ۽ ادارن کي هدايت ڪئي وئي آهي ڪراچي سنڌ حڪومت پاران جاري ڪيل بيان ۾ چيو ويو آهي ته صوبي ۾ ترقياتي ڪم تيزي سان جاري آهن عوام کي بنيادي سهولتون ڏيڻ لاءِ اپاءَ ورتا پيا وڃن ۽ ادارن کي هدايت ڪئي وئي آهي ڪراچي سنڌ حڪومت پاران جاري ڪيل بيان ۾ چيو ويو آهي ته صوبي ۾ ترقياتي
سنڌ حڪومت
ڪراچي سنڌ حڪومت پاران جاري ڪيل بيان ۾ چيو ويو آهي ته صوبي ۾ ترقياتي ڪم تيزي سان جاري آهن عوام کي بنيادي سهولتون ڏيڻ لاءِ اپاءَ ورتا پيا وڃن ۽ ادارن کي هدايت ڪئي وئي آهي ڪراچي سنڌ حڪومت پاران جاري ڪيل بيان ۾ چيو ويو آهي ته صوبي ۾ ترقياتي ڪم تيزي سان جاري آهن عوام کي بنيادي سهولتون ڏيڻ لاءِ اپاءَ ورتا پيا وڃن ۽ ادارن کي هدايت ڪئي وئي آهي ڪراچي سنڌ حڪومت پاران جاري ڪيل بيان ۾ چيو ويو آهي ته صوبي ۾ ترقياتي ڪم تيزي سان جاري آهن عوام کي بنيادي سهولتون ڏيڻ لاءِ اپاءَ
انٽرنيٽ جال / شيڪارپور
ڪراچي سنڌ حڪومت پاران جاري ڪيل بيان ۾ چيو ويو آهي ته صوبي ۾ ترقياتي ڪم تيزي سان جاري آهن عوام کي بنيادي سهولتون ڏيڻ لاءِ اپاءَ ورتا پيا وڃن ۽ ادارن کي هدايت ڪئي وئي آهي ڪراچي سنڌ حڪومت پاران جاري ڪيل بيان ۾ چيو ويو آهي ته صوبي ۾ ترقياتي ڪم تيزي سان جاري آهن عوام کي بنيادي سهولتون ڏيڻ لاءِ اپاءَ ورتا پيا وڃن ۽ ادارن کي هدايت ڪئي وئي آهي ڪراچي سنڌ حڪومت پاران جاري ڪيل بيان ۾ چيو ويو آهي ته صوبي ۾ ترقياتي ڪم تيزي سان جاري آهن عوام کي بنيادي سهولتون ڏيڻ لاءِ اپاءَ ورتا پيا وڃن ۽ ادارن کي هدايت ڪئي وئي آهي ڪراچي سنڌ حڪومت پاران جاري ڪيل بيان ۾ چيو ويو آهي ته صوبي ۾ ترقياتي ڪم تي
پاڪستان/ فرانس
ڪراچي سنڌ حڪومت پاران جاري ڪيل بيان ۾ چيو ويو آهي ته صوبي ۾ ترقياتي ڪم تيزي سان جاري آهن عوام کي بنيادي سهولتون ڏيڻ لاءِ اپاءَ ورتا پيا وڃن ۽ ادارن کي هدايت ڪئي وئي آهي ڪراچي سنڌ حڪومت پاران جاري ڪيل بيان ۾ چيو ويو آهي ته صوبي ۾ ترقياتي ڪم تيزي سان جاري آهن عوام کي بنيادي سهولتون ڏيڻ لاءِ اپاءَ ورتا پيا وڃن ۽ ادارن کي هدايت ڪئي وئي آهي ڪراچي سنڌ حڪومت پاران جاري ڪيل بيان ۾ چيو ويو آهي ته صوبي ۾ ترقياتي ڪم تيزي سان جاري آهن عوام کي بنيادي سهولتون ڏيڻ لاءِ اپاءَ
علي ٿيو / ٺٽو
ڪراچي سنڌ حڪومت پاران جاري ڪيل بيان ۾ چيو ويو آهي ته صوبي ۾ ترقياتي ڪم تيزي سان جاري آهن عوام کي بنيادي سهولتون ڏيڻ لاءِ اپاءَ ورتا پيا وڃن ۽ ادارن کي هدايت ڪئي وئي آهي ڪراچي سنڌ حڪومت پاران جاري ڪيل بيان ۾ چيو ويو آهي ته صوبي ۾ ترقياتي ڪم تيزي سان جاري آهن عوام کي بنيادي سهولتون ڏيڻ لاءِ اپاءَ ورتا پيا وڃن ۽ ادارن کي هدايت ڪئي وئي آهي ڪراچي سنڌ حڪومت پاران جاري ڪيل بيان ۾ چيو ويو آهي ته صوبي ۾ ترقياتي ڪم تيزي سان جاري آهن عوام کي بنيادي سهولتون ڏيڻ لاءِ اپاءَ ورتا پيا وڃن ۽ ادارن کي هدايت ڪئي وئي آهي ڪراچي سنڌ حڪومت پاران جاري ڪيل بيان ۾ چيو ويو آهي ته صوبي ۾ ترقياتي ڪم تي
علي امين گنڊاپور
ڪراچي سنڌ حڪومت پاران جاري ڪيل بيان ۾ چيو ويو آهي ته صوبي ۾ ترقياتي ڪم تيزي سان جاري آهن عوام کي بنيادي سهولتون ڏيڻ لاءِ اپاءَ ورتا پيا وڃن ۽ ادارن کي هدايت ڪئي وئي آهي ڪراچي سنڌ حڪومت پاران جاري ڪيل بيان ۾ چيو ويو آهي ته صوبي ۾ ترقياتي ڪم تيزي سان جاري آهن عوام کي بنيادي سهولتون ڏيڻ لاءِ اپاءَ ورتا پيا وڃن ۽ ادارن کي هدايت ڪئي وئي آهي ڪراچي سنڌ حڪومت پاران جاري ڪيل بيان ۾ چيو ويو آهي ته صوبي ۾ ترقياتي ڪم تيزي سان جاري آهن عوام کي بنيادي سهولتون ڏيڻ لاءِ اپاءَ ورتا پيا وڃن ۽ ادارن کي هدايت ڪئي وئي آهي ڪراچي سنڌ حڪومت
راشد/ مٺي
ڪراچي سنڌ حڪومت پاران جاري ڪيل بيان ۾ چيو ويو آهي ته صوبي ۾ ترقياتي ڪم تيزي سان جاري آهن عوام کي بنيادي سهولتون ڏيڻ لاءِ اپاءَ ورتا پيا وڃن ۽ ادارن کي هدايت ڪئي وئي آهي ڪراچي سنڌ حڪومت پاران جاري ڪيل بيان ۾ چيو ويو آهي ته صوبي ۾ ترقياتي ڪم تيزي سان جاري آهن عوام کي بنيادي سهولتون ڏيڻ لاءِ اپاءَ ورتا پيا وڃن ۽ ادارن کي هدايت ڪئي وئي آهي ڪراچي سنڌ
عالمي مالياتي ادارو
ڪراچي سنڌ حڪومت پاران جاري ڪيل بيان ۾ چيو ويو آهي ته صوبي ۾ ترقياتي ڪم تيزي سان جاري آهن عوام کي بنيادي سهولتون ڏيڻ لاءِ اپاءَ ورتا پيا وڃن ۽ ادارن کي هدايت ڪئي وئي آهي ڪراچي سنڌ حڪومت پاران جاري ڪيل بيان ۾ چيو ويو آهي ته صوبي ۾ ترقياتي ڪم تيزي سان جاري آهن عوام کي بنيادي سهولتون ڏيڻ لاءِ اپاءَ ورتا پيا وڃن ۽ ادارن کي هدايت ڪئي وئي آهي ڪراچي سنڌ حڪومت پاران جاري ڪيل بيان ۾ چيو ويو آهي ته صوبي ۾ ترقياتي
ڊيٽا چئلينج/ بحران
ڪراچي سنڌ حڪومت پاران جاري ڪيل بيان ۾ چيو ويو آهي ته صوبي ۾ ترقياتي ڪم تيزي سان جاري آهن عوام کي بنيادي سهولتون ڏيڻ لاءِ اپاءَ ورتا پيا وڃن ۽ ادارن کي هدايت ڪئي وئي آهي ڪراچي سنڌ حڪومت پاران جاري ڪيل بيان ۾ چيو ويو آهي ته صوبي ۾ ترقياتي ڪم تيزي سان جاري آهن عوام کي بنيادي سهولتون ڏيڻ لاءِ
وزير اعظم شهباز
ڪراچي سنڌ حڪومت پاران جاري ڪيل بيان ۾ چيو ويو آهي ته صوبي ۾ ترقياتي ڪم تيزي سان جاري آهن عوام کي بنيادي سهولتون ڏيڻ لاءِ اپاءَ ورتا پيا وڃن ۽ ادارن کي هدايت ڪئي وئي آهي ڪراچي سنڌ حڪومت پاران جاري ڪيل بيان ۾ چيو ويو آهي ته صوبي ۾ ترقياتي ڪم تيزي سان جاري آهن عوام کي بنيادي سهولتون ڏيڻ لاءِ اپاءَ ورتا پيا وڃن ۽ ادارن کي هدايت ڪئي وئي آهي ڪراچي سنڌ
ڪرڪيٽ/ بابر
ڪراچي سنڌ حڪومت پاران جاري ڪيل بيان ۾ چيو ويو آهي ته صوبي ۾ ترقياتي ڪم تيزي سان جاري آهن عوام کي بنيادي سهولتون ڏيڻ لاءِ اپاءَ ورتا پيا وڃن ۽ ادارن کي هدايت ڪئي وئي آهي ڪراچي سنڌ حڪومت پاران جاري ڪيل بيان ۾ چيو ويو آهي ته صوبي ۾ ترقياتي ڪم تيزي سان جاري آهن عوام کي بنيادي سهولتون ڏيڻ لاءِ اپاءَ ورتا پيا وڃن ۽ ادارن کي هدايت ڪئي وئي آهي ڪراچي سنڌ حڪومت پاران جاري ڪيل بيان ۾ چيو ويو آهي ته صوبي ۾ ترقياتي
ٽرمپ/ ايران
ڪراچي سنڌ حڪومت پاران جاري ڪيل بيان ۾ چيو ويو آهي ته صوبي ۾ ترقياتي ڪم تيزي سان جاري آهن عوام کي بنيادي سهولتون ڏيڻ لاءِ اپاءَ ورتا پيا وڃن ۽ ادارن کي هدايت ڪئي وئي آهي ڪراچي سنڌ حڪومت پاران جاري ڪيل بيان ۾ چيو ويو آهي ته صوبي ۾ ترقياتي ڪم تيزي سان جاري آهن عوام کي بنيادي سهولتون ڏيڻ لاءِ اپاءَ ورتا پيا وڃن ۽ ادارن کي هدايت ڪئي وئي آهي ڪراچي سنڌ
لاهور/ موسم
ڪراچي سنڌ حڪومت پاران جاري ڪيل بيان ۾ چيو ويو آهي ته صوبي ۾ ترقياتي ڪم تيزي سان جاري آهن عوام کي بنيادي سهولتون ڏيڻ لاءِ اپاءَ ورتا پيا وڃن ۽ ادارن کي هدايت ڪئي وئي آهي ڪراچي سنڌ حڪومت پاران جاري ڪيل بيان ۾ چيو ويو آهي ته صوبي ۾ ترقياتي ڪم تيزي سان جاري آهن عوام کي بنيادي سهولتون ڏيڻ لاءِ
اسٽيٽ بئنڪ
ڪراچي سنڌ حڪومت پاران جاري ڪيل بيان ۾ چيو ويو آهي ته صوبي ۾ ترقياتي ڪم تيزي سان جاري آهن عوام کي بنيادي سهولتون ڏيڻ لاءِ اپاءَ ورتا پيا وڃن ۽ ادارن کي هدايت ڪئي وئي آهي ڪراچي سنڌ حڪومت پاران جاري ڪيل بيان ۾ چيو ويو آهي ته صوبي ۾ ترقياتي ڪم تيزي سان جاري آهن عوام کي بنيادي سهولتون ڏيڻ لاءِ اپاءَ ورتا پيا وڃن ۽ ادارن کي هدايت ڪئي وئي آهي ڪراچي سنڌ
ڪراچي/ بجلي
ڪراچي سنڌ حڪومت پاران جاري ڪيل بيان ۾ چيو ويو آهي ته صوبي ۾ ترقياتي ڪم تيزي سان جاري آهن عوام کي بنيادي سهولتون ڏيڻ لاءِ اپاءَ ورتا پيا وڃن ۽ ادارن کي هدايت ڪئي وئي آهي ڪراچي سنڌ حڪومت پاران جاري ڪيل بيان ۾ چيو ويو آهي ته صوبي ۾ ترقياتي ڪم تيزي سان جاري آهن عوام کي بنيادي سهولتون ڏيڻ لاءِ اپاءَ ورتا پيا وڃن ۽ ادارن کي هدايت ڪئي وئي آهي ڪراچي سنڌ حڪومت پاران جاري ڪيل بيان ۾ چيو ويو آهي ته صوبي ۾ ترقياتي
بابر ٻيو
ڪراچي سنڌ حڪومت پاران جاري ڪيل بيان ۾ چيو ويو آهي ته صوبي ۾ ترقياتي ڪم تيزي سان جاري آهن عوام کي بنيادي سهولتون ڏيڻ لاءِ اپاءَ ورتا پيا وڃن ۽ ادارن کي هدايت ڪئي وئي آهي ڪراچي سنڌ حڪومت پاران جاري ڪيل بيان ۾ چيو ويو آهي ته صوبي ۾ ترقياتي ڪم تيزي سان جاري آهن عوام کي بنيادي سهولتون ڏيڻ لاءِ اپاءَ ورتا پيا وڃن ۽ ادارن کي هدايت ڪئي وئي آهي ڪراچي سنڌ
سنڌ ڪابينا
ڪراچي سنڌ حڪومت پاران جاري ڪيل بيان ۾ چيو ويو آهي ته صوبي ۾ ترقياتي ڪم تيزي سان جاري آهن عوام کي بنيادي سهولتون ڏيڻ لاءِ اپاءَ ورتا پيا وڃن ۽ ادارن کي هدايت ڪئي وئي آهي ڪراچي سنڌ حڪومت پاران جاري ڪيل بيان ۾ چيو ويو آهي ته صوبي ۾ ترقياتي ڪم تيزي سان جاري آهن عوام کي بنيادي سهولتون ڏيڻ لاءِ اپاءَ ورتا پيا وڃن ۽ ادارن کي هدايت ڪئي وئي آهي ڪراچي سنڌ حڪومت پاران جاري ڪيل بيان ۾ چيو ويو آهي ته صوبي ۾ ترقياتي ڪم تيزي سان جاري آهن عوام کي بنيادي سهولتون ڏيڻ لاءِ اپاءَ ورتا پيا وڃن ۽ ادارن کي هدايت ڪئي وئي آهي ڪراچي سنڌ حڪومت پاران جاري ڪيل بيان ۾ چيو ويو آهي ته صوبي ۾ ترقياتي ڪم تي
آئي سي سي
ڪراچي سنڌ حڪومت پاران جاري ڪيل بيان ۾ چيو ويو آهي ته صوبي ۾ ترقياتي ڪم تيزي سان جاري آهن عوام کي بنيادي سهولتون ڏيڻ لاءِ اپاءَ ورتا پيا وڃن ۽ ادارن کي هدايت ڪئي وئي آهي ڪراچي سنڌ حڪومت پاران جاري ڪيل بيان ۾ چيو ويو آهي ته صوبي ۾ ترقياتي ڪم تيزي سان جاري آهن عوام کي بنيادي سهولتون ڏيڻ لاءِ اپاءَ ورتا پيا وڃن ۽ ادارن کي هدايت ڪئي وئي آهي ڪراچي سنڌ حڪومت پاران جاري ڪيل بيان ۾ چيو ويو آهي ته صوبي ۾ ترقياتي ڪم تيزي سان جاري آهن عوام کي بنيادي سهولتون ڏيڻ لاءِ اپاءَ ورتا پيا وڃن ۽ ادارن کي هدايت ڪئي وئي آهي ڪراچي سنڌ حڪومت پاران جاري ڪيل بيان ۾ چيو ويو آهي ته صوبي ۾ ترقياتي ڪم تيزي سان جاري آهن عوام کي بنيادي سهولتون ڏيڻ لاءِ اپاءَ ورتا پيا وڃن ۽ ادارن کي هدايت ڪئي وئي آهي ڪراچي سنڌ حڪومت پارا
